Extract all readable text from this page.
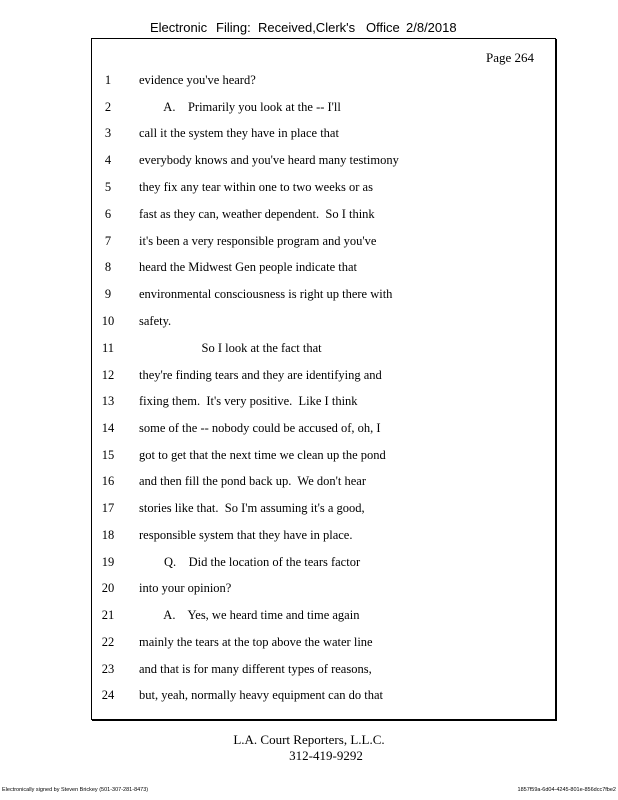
Electronic Filing: Received,Clerk's Office 2/8/2018
Page 264
1	evidence you've heard?
2	A.    Primarily you look at the -- I'll
3	call it the system they have in place that
4	everybody knows and you've heard many testimony
5	they fix any tear within one to two weeks or as
6	fast as they can, weather dependent.  So I think
7	it's been a very responsible program and you've
8	heard the Midwest Gen people indicate that
9	environmental consciousness is right up there with
10	safety.
11	So I look at the fact that
12	they're finding tears and they are identifying and
13	fixing them.  It's very positive.  Like I think
14	some of the -- nobody could be accused of, oh, I
15	got to get that the next time we clean up the pond
16	and then fill the pond back up.  We don't hear
17	stories like that.  So I'm assuming it's a good,
18	responsible system that they have in place.
19	Q.    Did the location of the tears factor
20	into your opinion?
21	A.    Yes, we heard time and time again
22	mainly the tears at the top above the water line
23	and that is for many different types of reasons,
24	but, yeah, normally heavy equipment can do that
L.A. Court Reporters, L.L.C.
312-419-9292
Electronically signed by Steven Brickey (501-307-281-8473)	1857f59a-6d04-4245-801e-856dcc7fbe2
